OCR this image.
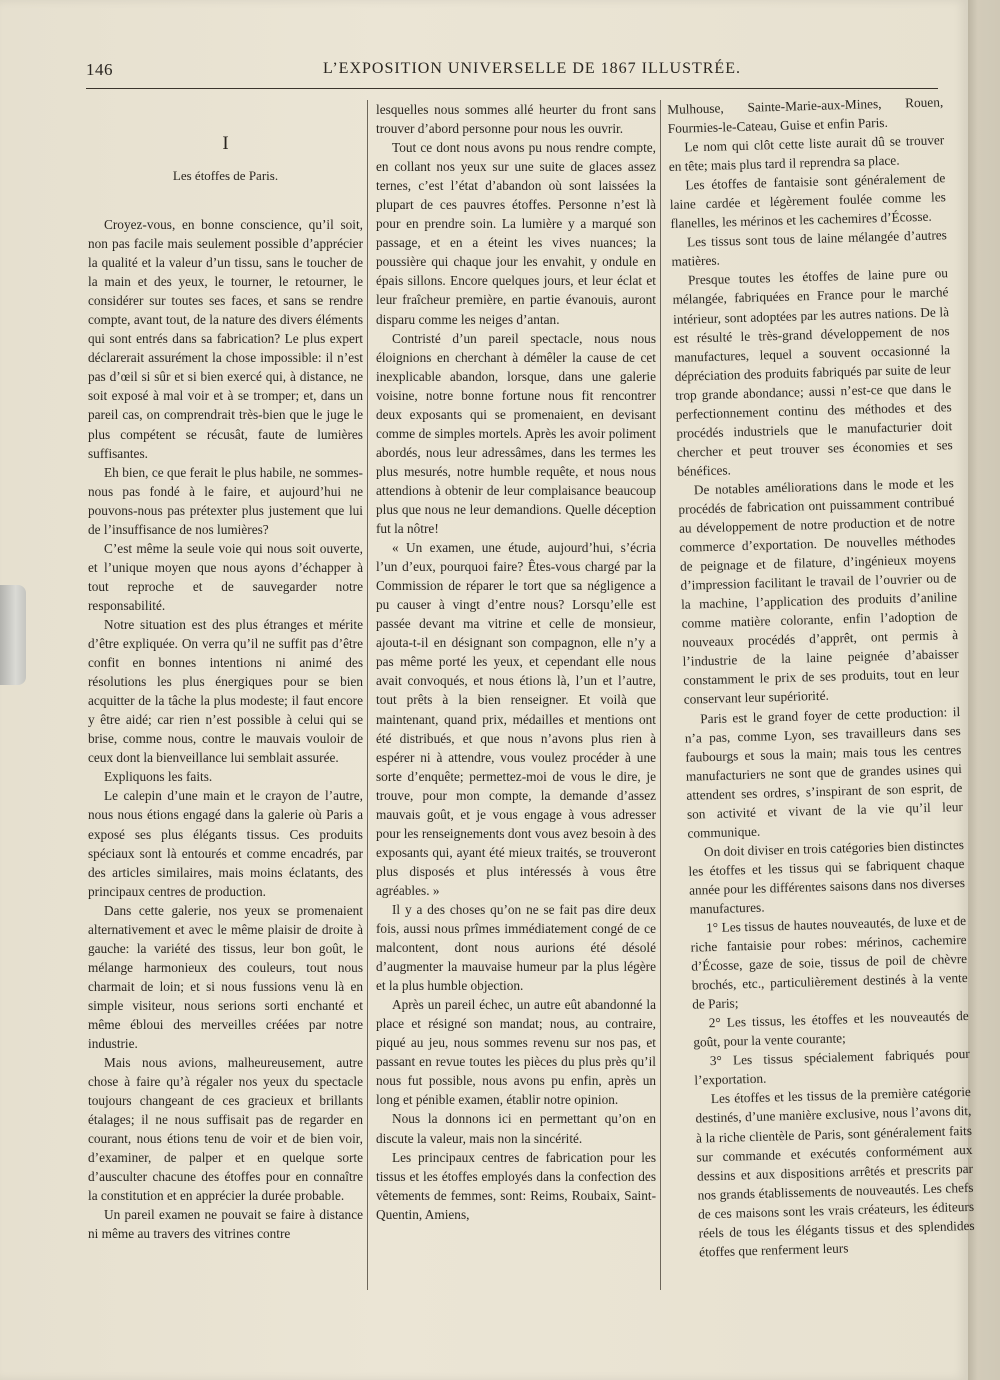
146	L’EXPOSITION UNIVERSELLE DE 1867 ILLUSTRÉE.
I
Les étoffes de Paris.

Croyez-vous, en bonne conscience, qu’il soit, non pas facile mais seulement possible d’apprécier la qualité et la valeur d’un tissu, sans le toucher de la main et des yeux, le tourner, le retourner, le considérer sur toutes ses faces, et sans se rendre compte, avant tout, de la nature des divers éléments qui sont entrés dans sa fabrication? Le plus expert déclarerait assurément la chose impossible: il n’est pas d’œil si sûr et si bien exercé qui, à distance, ne soit exposé à mal voir et à se tromper; et, dans un pareil cas, on comprendrait très-bien que le juge le plus compétent se récusât, faute de lumières suffisantes.

Eh bien, ce que ferait le plus habile, ne sommes-nous pas fondé à le faire, et aujourd’hui ne pouvons-nous pas prétexter plus justement que lui de l’insuffisance de nos lumières?

C’est même la seule voie qui nous soit ouverte, et l’unique moyen que nous ayons d’échapper à tout reproche et de sauvegarder notre responsabilité.

Notre situation est des plus étranges et mérite d’être expliquée. On verra qu’il ne suffit pas d’être confit en bonnes intentions ni animé des résolutions les plus énergiques pour se bien acquitter de la tâche la plus modeste; il faut encore y être aidé; car rien n’est possible à celui qui se brise, comme nous, contre le mauvais vouloir de ceux dont la bienveillance lui semblait assurée.

Expliquons les faits.

Le calepin d’une main et le crayon de l’autre, nous nous étions engagé dans la galerie où Paris a exposé ses plus élégants tissus. Ces produits spéciaux sont là entourés et comme encadrés, par des articles similaires, mais moins éclatants, des principaux centres de production.

Dans cette galerie, nos yeux se promenaient alternativement et avec le même plaisir de droite à gauche: la variété des tissus, leur bon goût, le mélange harmonieux des couleurs, tout nous charmait de loin; et si nous fussions venu là en simple visiteur, nous serions sorti enchanté et même ébloui des merveilles créées par notre industrie.

Mais nous avions, malheureusement, autre chose à faire qu’à régaler nos yeux du spectacle toujours changeant de ces gracieux et brillants étalages; il ne nous suffisait pas de regarder en courant, nous étions tenu de voir et de bien voir, d’examiner, de palper et en quelque sorte d’ausculter chacune des étoffes pour en connaître la constitution et en apprécier la durée probable.

Un pareil examen ne pouvait se faire à distance ni même au travers des vitrines contre

lesquelles nous sommes allé heurter du front sans trouver d’abord personne pour nous les ouvrir.

Tout ce dont nous avons pu nous rendre compte, en collant nos yeux sur une suite de glaces assez ternes, c’est l’état d’abandon où sont laissées la plupart de ces pauvres étoffes. Personne n’est là pour en prendre soin. La lumière y a marqué son passage, et en a éteint les vives nuances; la poussière qui chaque jour les envahit, y ondule en épais sillons. Encore quelques jours, et leur éclat et leur fraîcheur première, en partie évanouis, auront disparu comme les neiges d’antan.

Contristé d’un pareil spectacle, nous nous éloignions en cherchant à démêler la cause de cet inexplicable abandon, lorsque, dans une galerie voisine, notre bonne fortune nous fit rencontrer deux exposants qui se promenaient, en devisant comme de simples mortels. Après les avoir poliment abordés, nous leur adressâmes, dans les termes les plus mesurés, notre humble requête, et nous nous attendions à obtenir de leur complaisance beaucoup plus que nous ne leur demandions. Quelle déception fut la nôtre!

« Un examen, une étude, aujourd’hui, s’écria l’un d’eux, pourquoi faire? Êtes-vous chargé par la Commission de réparer le tort que sa négligence a pu causer à vingt d’entre nous? Lorsqu’elle est passée devant ma vitrine et celle de monsieur, ajouta-t-il en désignant son compagnon, elle n’y a pas même porté les yeux, et cependant elle nous avait convoqués, et nous étions là, l’un et l’autre, tout prêts à la bien renseigner. Et voilà que maintenant, quand prix, médailles et mentions ont été distribués, et que nous n’avons plus rien à espérer ni à attendre, vous voulez procéder à une sorte d’enquête; permettez-moi de vous le dire, je trouve, pour mon compte, la demande d’assez mauvais goût, et je vous engage à vous adresser pour les renseignements dont vous avez besoin à des exposants qui, ayant été mieux traités, se trouveront plus disposés et plus intéressés à vous être agréables. »

Il y a des choses qu’on ne se fait pas dire deux fois, aussi nous prîmes immédiatement congé de ce malcontent, dont nous aurions été désolé d’augmenter la mauvaise humeur par la plus légère et la plus humble objection.

Après un pareil échec, un autre eût abandonné la place et résigné son mandat; nous, au contraire, piqué au jeu, nous sommes revenu sur nos pas, et passant en revue toutes les pièces du plus près qu’il nous fut possible, nous avons pu enfin, après un long et pénible examen, établir notre opinion.

Nous la donnons ici en permettant qu’on en discute la valeur, mais non la sincérité.

Les principaux centres de fabrication pour les tissus et les étoffes employés dans la confection des vêtements de femmes, sont: Reims, Roubaix, Saint-Quentin, Amiens,

Mulhouse, Sainte-Marie-aux-Mines, Rouen, Fourmies-le-Cateau, Guise et enfin Paris.

Le nom qui clôt cette liste aurait dû se trouver en tête; mais plus tard il reprendra sa place.

Les étoffes de fantaisie sont généralement de laine cardée et légèrement foulée comme les flanelles, les mérinos et les cachemires d’Écosse.

Les tissus sont tous de laine mélangée d’autres matières.

Presque toutes les étoffes de laine pure ou mélangée, fabriquées en France pour le marché intérieur, sont adoptées par les autres nations. De là est résulté le très-grand développement de nos manufactures, lequel a souvent occasionné la dépréciation des produits fabriqués par suite de leur trop grande abondance; aussi n’est-ce que dans le perfectionnement continu des méthodes et des procédés industriels que le manufacturier doit chercher et peut trouver ses économies et ses bénéfices.

De notables améliorations dans le mode et les procédés de fabrication ont puissamment contribué au développement de notre production et de notre commerce d’exportation. De nouvelles méthodes de peignage et de filature, d’ingénieux moyens d’impression facilitant le travail de l’ouvrier ou de la machine, l’application des produits d’aniline comme matière colorante, enfin l’adoption de nouveaux procédés d’apprêt, ont permis à l’industrie de la laine peignée d’abaisser constamment le prix de ses produits, tout en leur conservant leur supériorité.

Paris est le grand foyer de cette production: il n’a pas, comme Lyon, ses travailleurs dans ses faubourgs et sous la main; mais tous les centres manufacturiers ne sont que de grandes usines qui attendent ses ordres, s’inspirant de son esprit, de son activité et vivant de la vie qu’il leur communique.

On doit diviser en trois catégories bien distinctes les étoffes et les tissus qui se fabriquent chaque année pour les différentes saisons dans nos diverses manufactures.

1° Les tissus de hautes nouveautés, de luxe et de riche fantaisie pour robes: mérinos, cachemire d’Écosse, gaze de soie, tissus de poil de chèvre brochés, etc., particulièrement destinés à la vente de Paris;

2° Les tissus, les étoffes et les nouveautés de goût, pour la vente courante;

3° Les tissus spécialement fabriqués pour l’exportation.

Les étoffes et les tissus de la première catégorie destinés, d’une manière exclusive, nous l’avons dit, à la riche clientèle de Paris, sont généralement faits sur commande et exécutés conformément aux dessins et aux dispositions arrêtés et prescrits par nos grands établissements de nouveautés. Les chefs de ces maisons sont les vrais créateurs, les éditeurs réels de tous les élégants tissus et des splendides étoffes que renferment leurs
